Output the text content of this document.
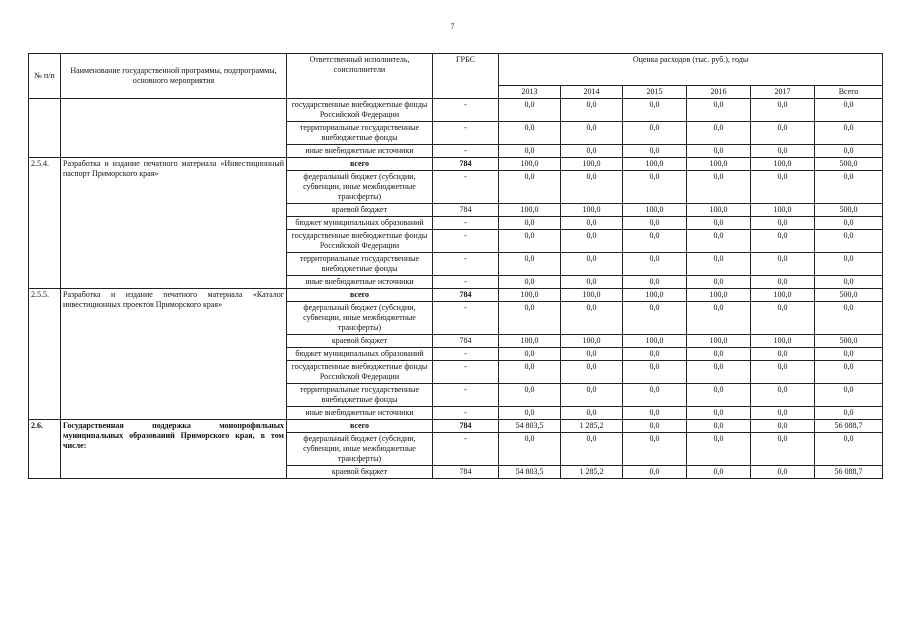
7
№ п/п	Наименование государственной программы, подпрограммы, основного мероприятия	Ответственный исполнитель, соисполнители	ГРБС	Оценка расходов (тыс. руб.), годы					
				2013	2014	2015	2016	2017	Всего
		государственные внебюджетные фонды Российской Федерации	-	0,0	0,0	0,0	0,0	0,0	0,0
		территориальные государственные внебюджетные фонды	-	0,0	0,0	0,0	0,0	0,0	0,0
		иные внебюджетные источники	-	0,0	0,0	0,0	0,0	0,0	0,0
2.5.4.	Разработка и издание печатного материала «Инвестиционный паспорт Приморского края»	всего	784	100,0	100,0	100,0	100,0	100,0	500,0
		федеральный бюджет (субсидии, субвенции, иные межбюджетные трансферты)	-	0,0	0,0	0,0	0,0	0,0	0,0
		краевой бюджет	784	100,0	100,0	100,0	100,0	100,0	500,0
		бюджет муниципальных образований	-	0,0	0,0	0,0	0,0	0,0	0,0
		государственные внебюджетные фонды Российской Федерации	-	0,0	0,0	0,0	0,0	0,0	0,0
		территориальные государственные внебюджетные фонды	-	0,0	0,0	0,0	0,0	0,0	0,0
		иные внебюджетные источники	-	0,0	0,0	0,0	0,0	0,0	0,0
2.5.5.	Разработка и издание печатного материала «Каталог инвестиционных проектов Приморского края»	всего	784	100,0	100,0	100,0	100,0	100,0	500,0
		федеральный бюджет (субсидии, субвенции, иные межбюджетные трансферты)	-	0,0	0,0	0,0	0,0	0,0	0,0
		краевой бюджет	784	100,0	100,0	100,0	100,0	100,0	500,0
		бюджет муниципальных образований	-	0,0	0,0	0,0	0,0	0,0	0,0
		государственные внебюджетные фонды Российской Федерации	-	0,0	0,0	0,0	0,0	0,0	0,0
		территориальные государственные внебюджетные фонды	-	0,0	0,0	0,0	0,0	0,0	0,0
		иные внебюджетные источники	-	0,0	0,0	0,0	0,0	0,0	0,0
2.6.	Государственная поддержка монопрофильных муниципальных образований Приморского края, в том числе:	всего	784	54 803,5	1 285,2	0,0	0,0	0,0	56 088,7
		федеральный бюджет (субсидии, субвенции, иные межбюджетные трансферты)	-	0,0	0,0	0,0	0,0	0,0	0,0
		краевой бюджет	784	54 803,5	1 285,2	0,0	0,0	0,0	56 088,7
